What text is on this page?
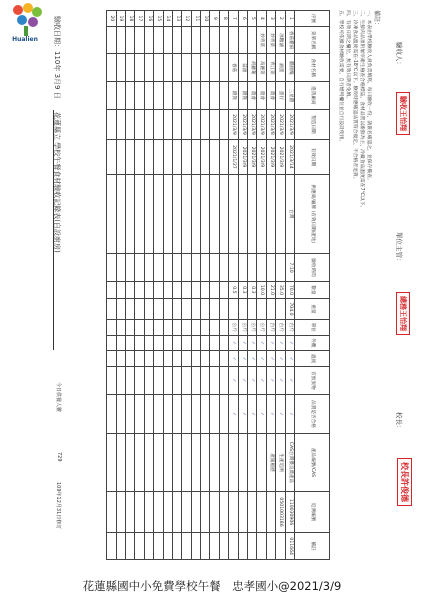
Hualien	驗收日期：110年 3月9 日
花蓮縣立 學校午餐食材驗收記錄表(自設廚房)
今日供餐人數
729
109年12月31日修訂
序號	菜單名稱	食材名稱	進貨廠商	製造日期	有效日期	供應商/廠牌 (有效日期/產地)	驗收時間	數量	重量	單位	外觀	溫度	有無異物	品質是否合格	產品編號/CAS	追溯編號	備註
1	香菇雞湯	雞腿塊	三星雞	2021/3/9	2021/3/14	台灣	7:10	70.0	704.0	台斤	✓	✓	✓	✓	CAS台灣優良農產品	110030906	011664
2	冰糖滷	滷蛋	蛋行	2021/3/9	2021/3/9			35.0		台斤	✓	✓	✓	✓	生產追溯	0501003186	
3	炒青菜	青江菜	農會	2021/3/8	2021/3/9			21.0		台斤	✓	✓	✓	✓	產銷履歷		
4	炒青菜	高麗菜	農會	2021/3/9	2021/3/9			10.0		公斤	✓	✓	✓	✓			
5		胡蘿蔔	農會	2021/3/9	2021/3/9			0.3		公斤	✓	✓	✓	✓			
6		蒜頭	雜貨	2021/3/9	2021/3/9			0.3		公斤	✓	✓	✓	✓			
7		香菇	雜貨	2021/3/9	2021/1/27			0.5		公斤	✓	✓	✓	✓			
8																	
9																	
10																	
11																	
12																	
13																	
14																	
15																	
16																	
17																	
18																	
19																	
20																	
驗收人：
驗收王怡翔
單位主管：
總務王怡翔
校長：
校長許俊德
備註：
一、本表由學校驗收人員負責填寫，每日驗收一份，請簽名確認之，並保存備查。
二、生鮮肉品須附屠宰衛生檢查合格標誌，食材品質以新鮮為主，冷藏食品溫度需在7℃以下。
三、冷凍食品溫度需在-18℃以下。驗收時應確認品質符合規定，不合格者退貨。
四、有效日期之欄位，無有效日期者免填。
五、學校可依據食材驗收需要，自行增列欄位並自行設計使用。
花蓮縣國中小免費學校午餐　忠孝國小@2021/3/9
